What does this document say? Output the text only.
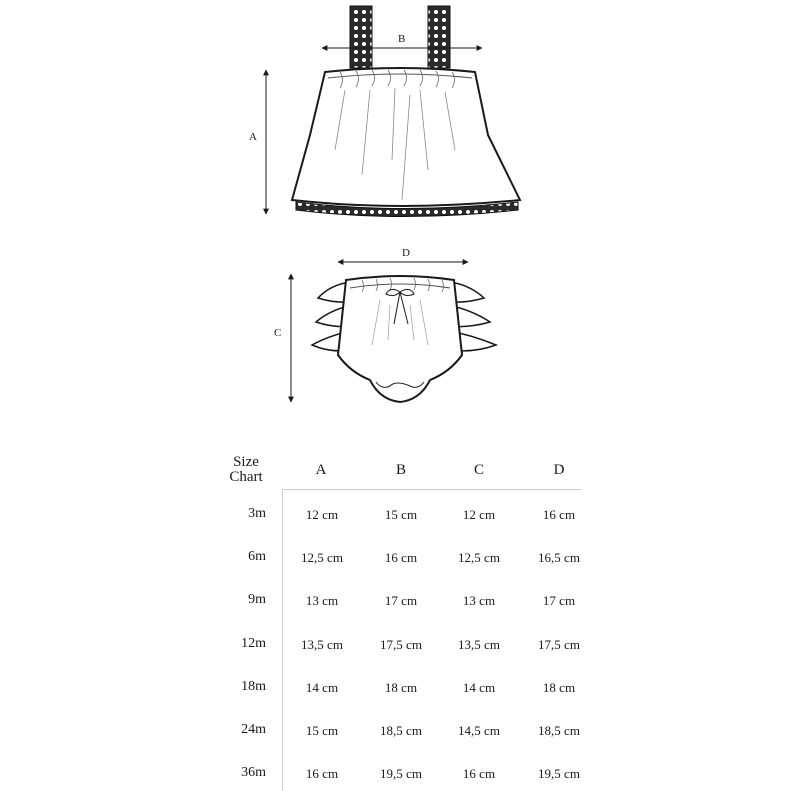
A
B
C
D
Size
Chart	A	B	C	D
3m	12 cm	15 cm	12 cm	16 cm
6m	12,5 cm	16 cm	12,5 cm	16,5 cm
9m	13 cm	17 cm	13 cm	17 cm
12m	13,5 cm	17,5 cm	13,5 cm	17,5 cm
18m	14 cm	18 cm	14 cm	18 cm
24m	15 cm	18,5 cm	14,5 cm	18,5 cm
36m	16 cm	19,5 cm	16 cm	19,5 cm
